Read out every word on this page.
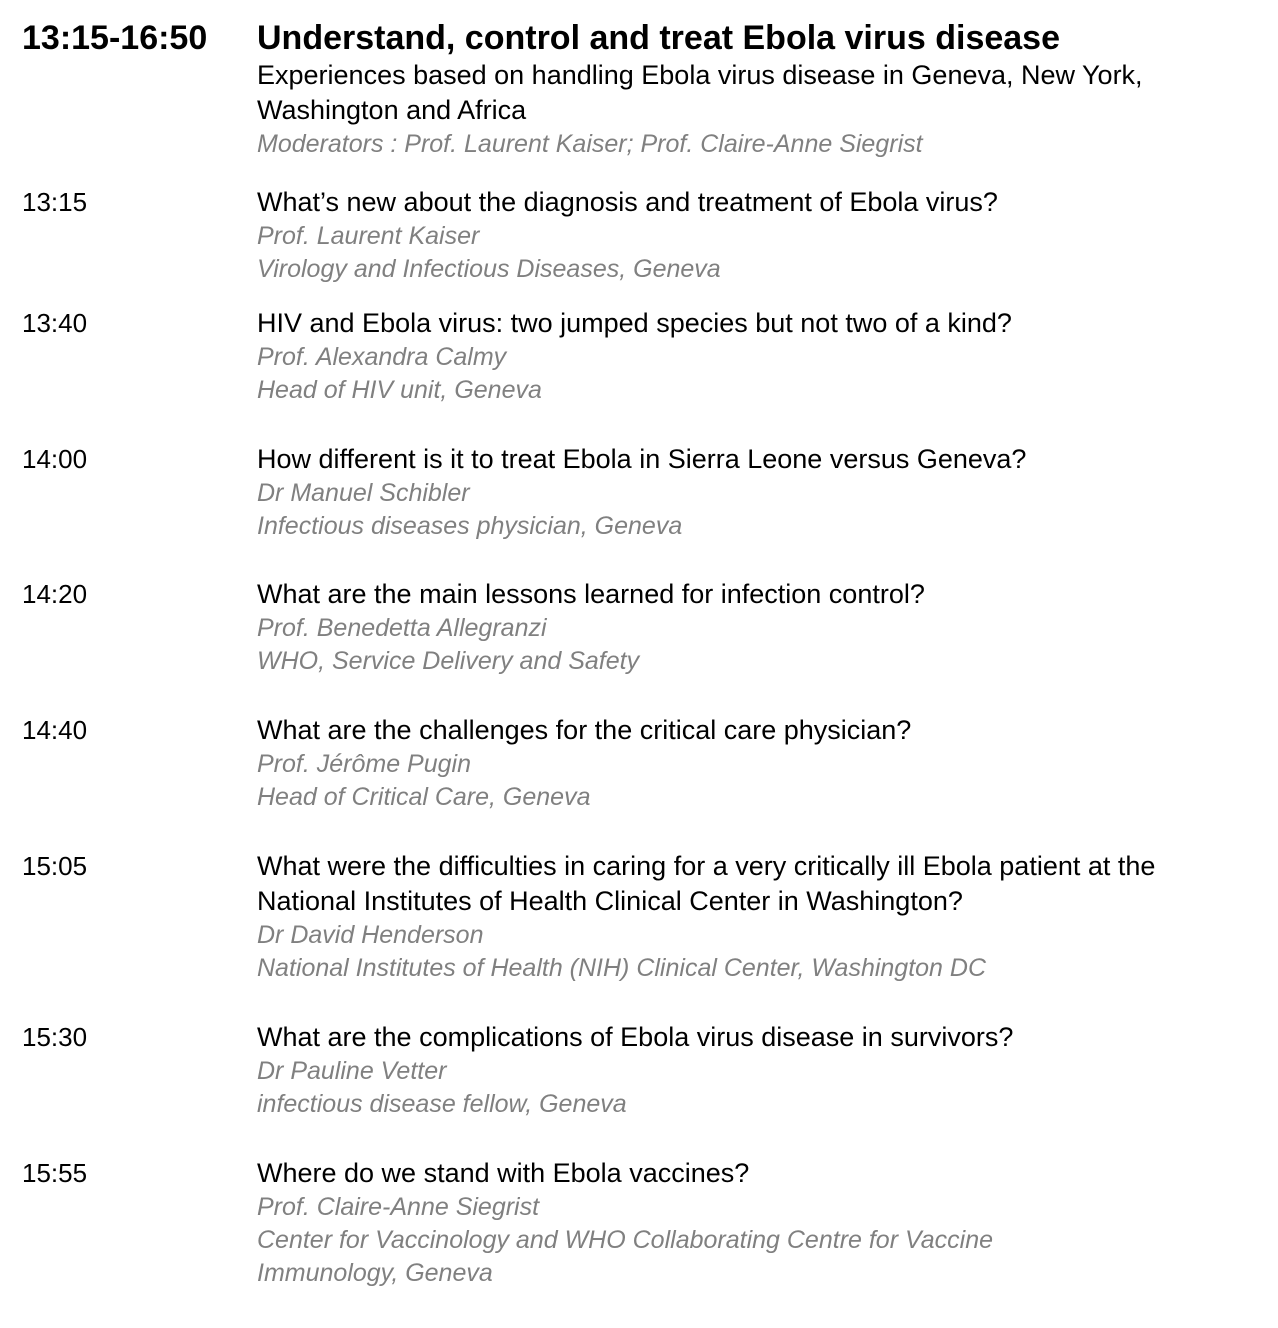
13:15-16:50 Understand, control and treat Ebola virus disease
Experiences based on handling Ebola virus disease in Geneva, New York, Washington and Africa
Moderators : Prof. Laurent Kaiser; Prof. Claire-Anne Siegrist
13:15	What’s new about the diagnosis and treatment of Ebola virus?
Prof. Laurent Kaiser
Virology and Infectious Diseases, Geneva
13:40	HIV and Ebola virus: two jumped species but not two of a kind?
Prof. Alexandra Calmy
Head of HIV unit, Geneva
14:00	How different is it to treat Ebola in Sierra Leone versus Geneva?
Dr Manuel Schibler
Infectious diseases physician, Geneva
14:20	What are the main lessons learned for infection control?
Prof. Benedetta Allegranzi
WHO, Service Delivery and Safety
14:40	What are the challenges for the critical care physician?
Prof. Jérôme Pugin
Head of Critical Care, Geneva
15:05	What were the difficulties in caring for a very critically ill Ebola patient at the National Institutes of Health Clinical Center in Washington?
Dr David Henderson
National Institutes of Health (NIH) Clinical Center, Washington DC
15:30	What are the complications of Ebola virus disease in survivors?
Dr Pauline Vetter
infectious disease fellow, Geneva
15:55	Where do we stand with Ebola vaccines?
Prof. Claire-Anne Siegrist
Center for Vaccinology and WHO Collaborating Centre for Vaccine Immunology, Geneva
